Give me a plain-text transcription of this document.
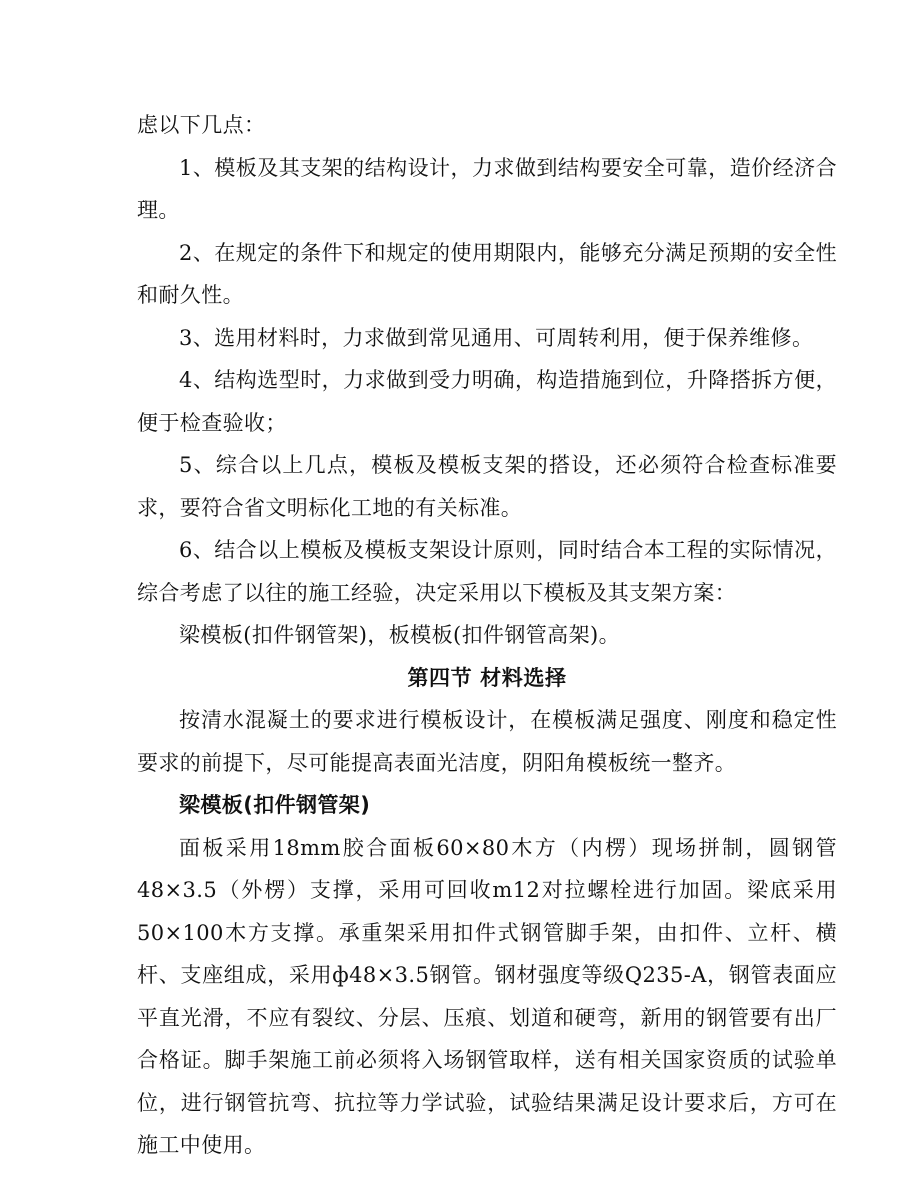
虑以下几点：

1、模板及其支架的结构设计，力求做到结构要安全可靠，造价经济合理。

2、在规定的条件下和规定的使用期限内，能够充分满足预期的安全性和耐久性。

3、选用材料时，力求做到常见通用、可周转利用，便于保养维修。

4、结构选型时，力求做到受力明确，构造措施到位，升降搭拆方便，便于检查验收；

5、综合以上几点，模板及模板支架的搭设，还必须符合检查标准要求，要符合省文明标化工地的有关标准。

6、结合以上模板及模板支架设计原则，同时结合本工程的实际情况，综合考虑了以往的施工经验，决定采用以下模板及其支架方案：

梁模板(扣件钢管架)，板模板(扣件钢管高架)。

第四节 材料选择

按清水混凝土的要求进行模板设计，在模板满足强度、刚度和稳定性要求的前提下，尽可能提高表面光洁度，阴阳角模板统一整齐。

梁模板(扣件钢管架)

面板采用18mm胶合面板60×80木方（内楞）现场拼制，圆钢管48×3.5（外楞）支撑，采用可回收m12对拉螺栓进行加固。梁底采用50×100木方支撑。承重架采用扣件式钢管脚手架，由扣件、立杆、横杆、支座组成，采用ф48×3.5钢管。钢材强度等级Q235-A，钢管表面应平直光滑，不应有裂纹、分层、压痕、划道和硬弯，新用的钢管要有出厂合格证。脚手架施工前必须将入场钢管取样，送有相关国家资质的试验单位，进行钢管抗弯、抗拉等力学试验，试验结果满足设计要求后，方可在施工中使用。
